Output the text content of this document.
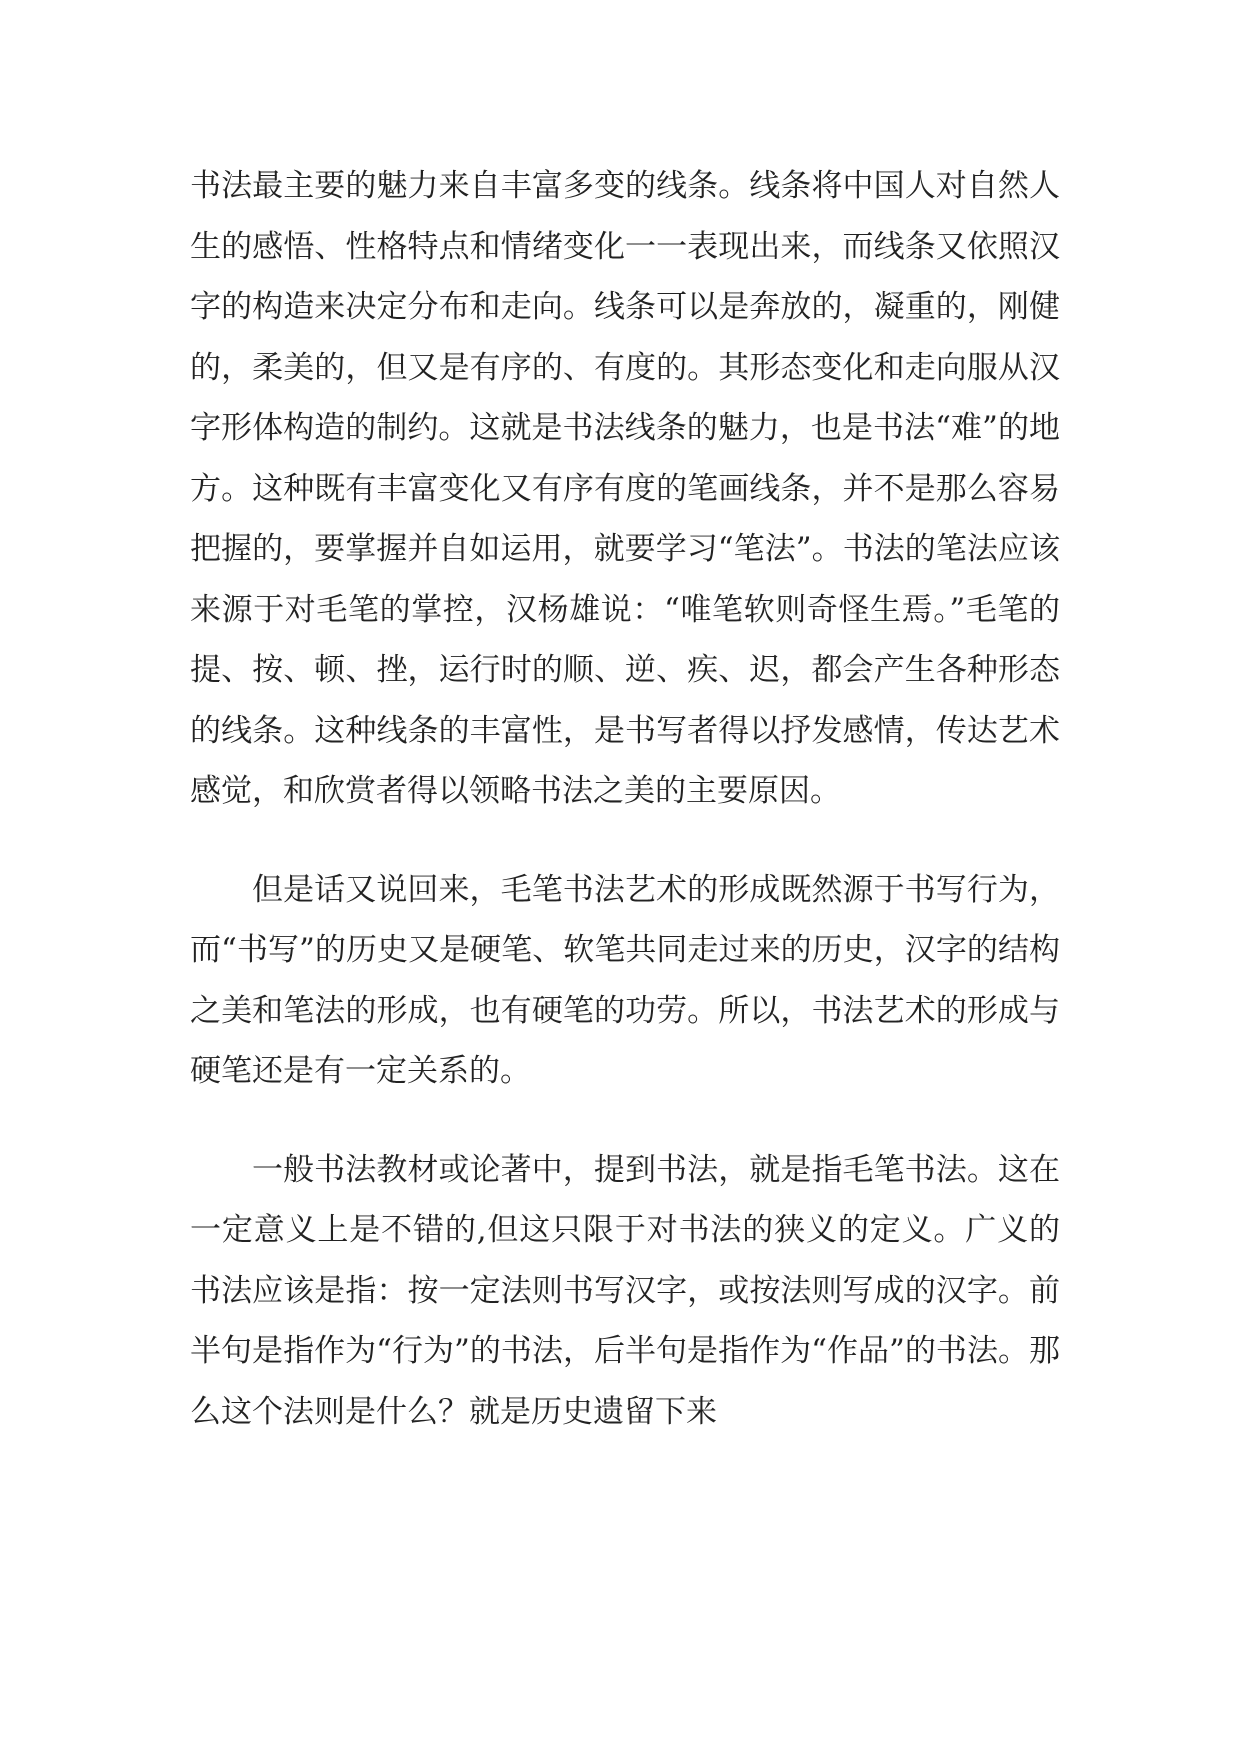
书法最主要的魅力来自丰富多变的线条。线条将中国人对自然人生的感悟、性格特点和情绪变化一一表现出来，而线条又依照汉字的构造来决定分布和走向。线条可以是奔放的，凝重的，刚健的，柔美的，但又是有序的、有度的。其形态变化和走向服从汉字形体构造的制约。这就是书法线条的魅力，也是书法“难”的地方。这种既有丰富变化又有序有度的笔画线条，并不是那么容易把握的，要掌握并自如运用，就要学习“笔法”。书法的笔法应该来源于对毛笔的掌控，汉杨雄说：“唯笔软则奇怪生焉。”毛笔的提、按、顿、挫，运行时的顺、逆、疾、迟，都会产生各种形态的线条。这种线条的丰富性，是书写者得以抒发感情，传达艺术感觉，和欣赏者得以领略书法之美的主要原因。

但是话又说回来，毛笔书法艺术的形成既然源于书写行为，而“书写”的历史又是硬笔、软笔共同走过来的历史，汉字的结构之美和笔法的形成，也有硬笔的功劳。所以，书法艺术的形成与硬笔还是有一定关系的。

一般书法教材或论著中，提到书法，就是指毛笔书法。这在一定意义上是不错的,但这只限于对书法的狭义的定义。广义的书法应该是指：按一定法则书写汉字，或按法则写成的汉字。前半句是指作为“行为”的书法，后半句是指作为“作品”的书法。那么这个法则是什么？就是历史遗留下来
